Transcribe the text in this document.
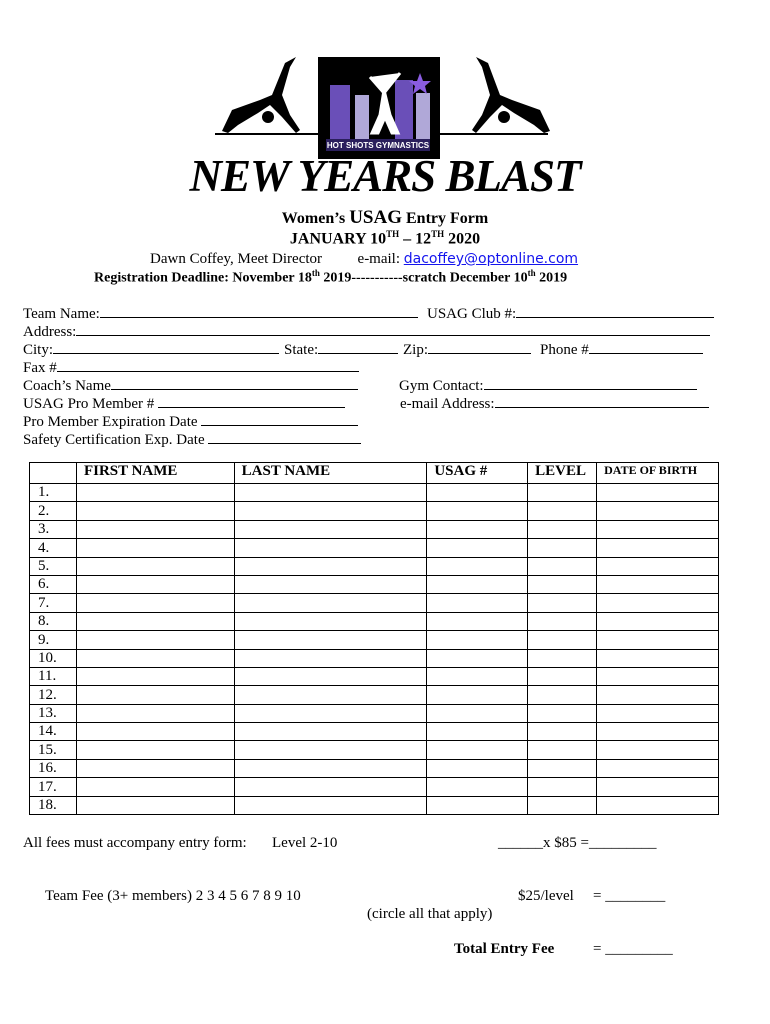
HOT SHOTS GYMNASTICS
NEW YEARS BLAST
Women’s USAG Entry Form
JANUARY 10TH – 12TH 2020
Dawn Coffey, Meet Director e-mail: dacoffey@optonline.com
Registration Deadline: November 18th 2019-----------scratch December 10th 2019
Team Name:	USAG Club #:
Address:
City:	State:	Zip:	Phone #
Fax #
Coach’s Name	Gym Contact:
USAG Pro Member #	e-mail Address:
Pro Member Expiration Date
Safety Certification Exp. Date
	FIRST NAME	LAST NAME	USAG #	LEVEL	DATE OF BIRTH
1.					
2.					
3.					
4.					
5.					
6.					
7.					
8.					
9.					
10.					
11.					
12.					
13.					
14.					
15.					
16.					
17.					
18.					
All fees must accompany entry form: Level 2-10	______x $85 =_________
Team Fee (3+ members) 2 3 4 5 6 7 8 9 10	$25/level = ________
(circle all that apply)
Total Entry Fee	= _________
